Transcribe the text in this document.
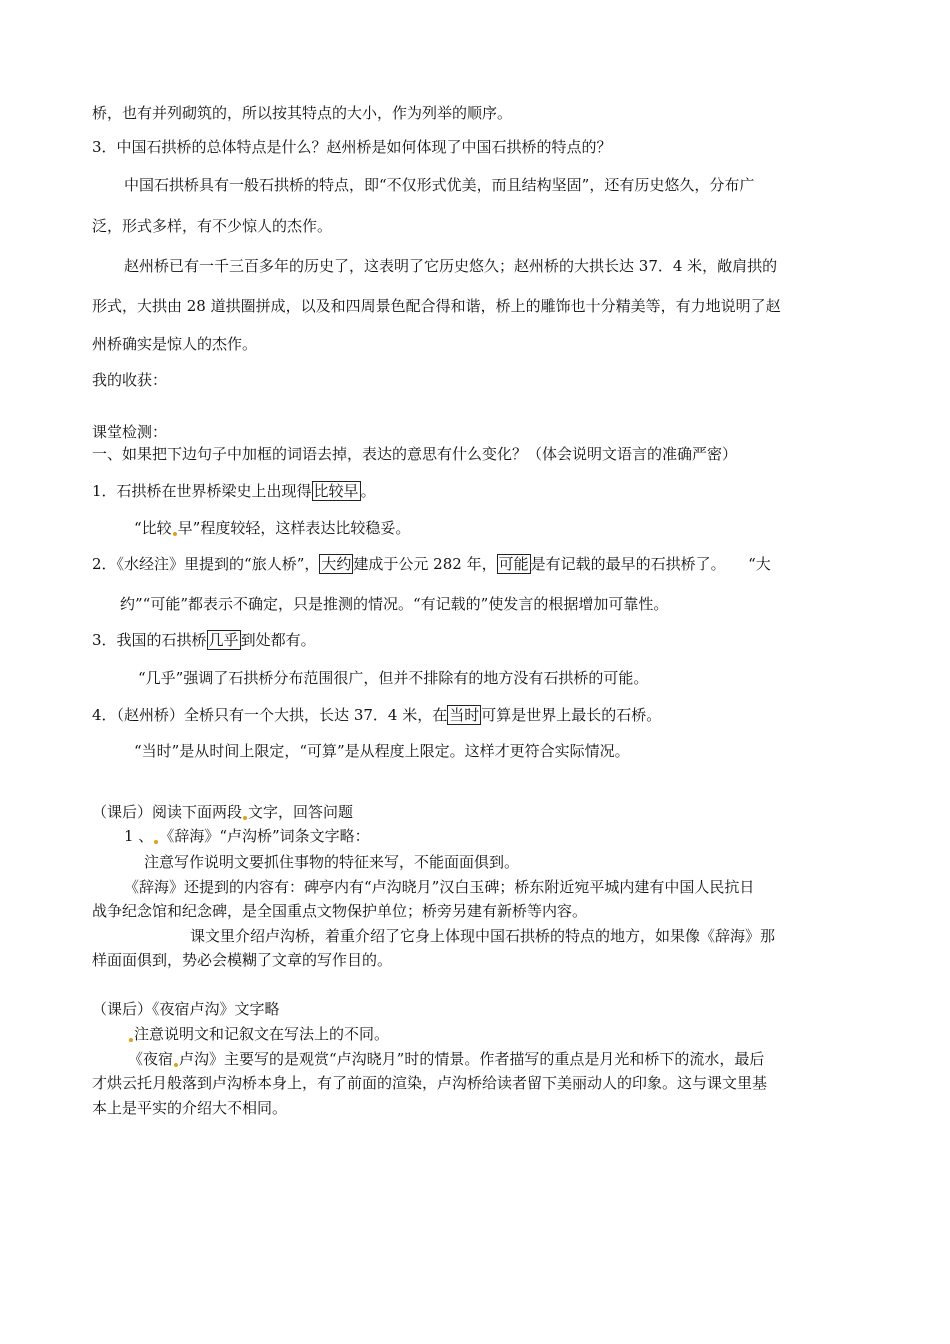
桥，也有并列砌筑的，所以按其特点的大小，作为列举的顺序。
3．中国石拱桥的总体特点是什么？赵州桥是如何体现了中国石拱桥的特点的？
中国石拱桥具有一般石拱桥的特点，即“不仅形式优美，而且结构坚固”，还有历史悠久，分布广
泛，形式多样，有不少惊人的杰作。
赵州桥已有一千三百多年的历史了，这表明了它历史悠久；赵州桥的大拱长达 37．4 米，敞肩拱的
形式，大拱由 28 道拱圈拼成，以及和四周景色配合得和谐，桥上的雕饰也十分精美等，有力地说明了赵
州桥确实是惊人的杰作。
我的收获：
课堂检测：
一、如果把下边句子中加框的词语去掉，表达的意思有什么变化？（体会说明文语言的准确严密）
1．石拱桥在世界桥梁史上出现得 比较早 。
“比较 早”程度较轻，这样表达比较稳妥。
2．《水经注》里提到的“旅人桥”， 大约 建成于公元 282 年， 可能 是有记载的最早的石拱桥了。　　“大
约”“可能”都表示不确定，只是推测的情况。“有记载的”使发言的根据增加可靠性。
3．我国的石拱桥 几乎 到处都有。
“几乎”强调了石拱桥分布范围很广，但并不排除有的地方没有石拱桥的可能。
4．（赵州桥）全桥只有一个大拱，长达 37．4 米，在 当时 可算是世界上最长的石桥。
“当时”是从时间上限定，“可算”是从程度上限定。这样才更符合实际情况。
（课后）阅读下面两段 文字，回答问题
1 、 《辞海》“卢沟桥”词条文字略：
注意写作说明文要抓住事物的特征来写，不能面面俱到。
《辞海》还提到的内容有：碑亭内有“卢沟晓月”汉白玉碑；桥东附近宛平城内建有中国人民抗日
战争纪念馆和纪念碑，是全国重点文物保护单位；桥旁另建有新桥等内容。
课文里介绍卢沟桥，着重介绍了它身上体现中国石拱桥的特点的地方，如果像《辞海》那
样面面俱到，势必会模糊了文章的写作目的。
（课后）《夜宿卢沟》文字略
注意说明文和记叙文在写法上的不同。
《夜宿 卢沟》主要写的是观赏“卢沟晓月”时的情景。作者描写的重点是月光和桥下的流水，最后
才烘云托月般落到卢沟桥本身上，有了前面的渲染，卢沟桥给读者留下美丽动人的印象。这与课文里基
本上是平实的介绍大不相同。
